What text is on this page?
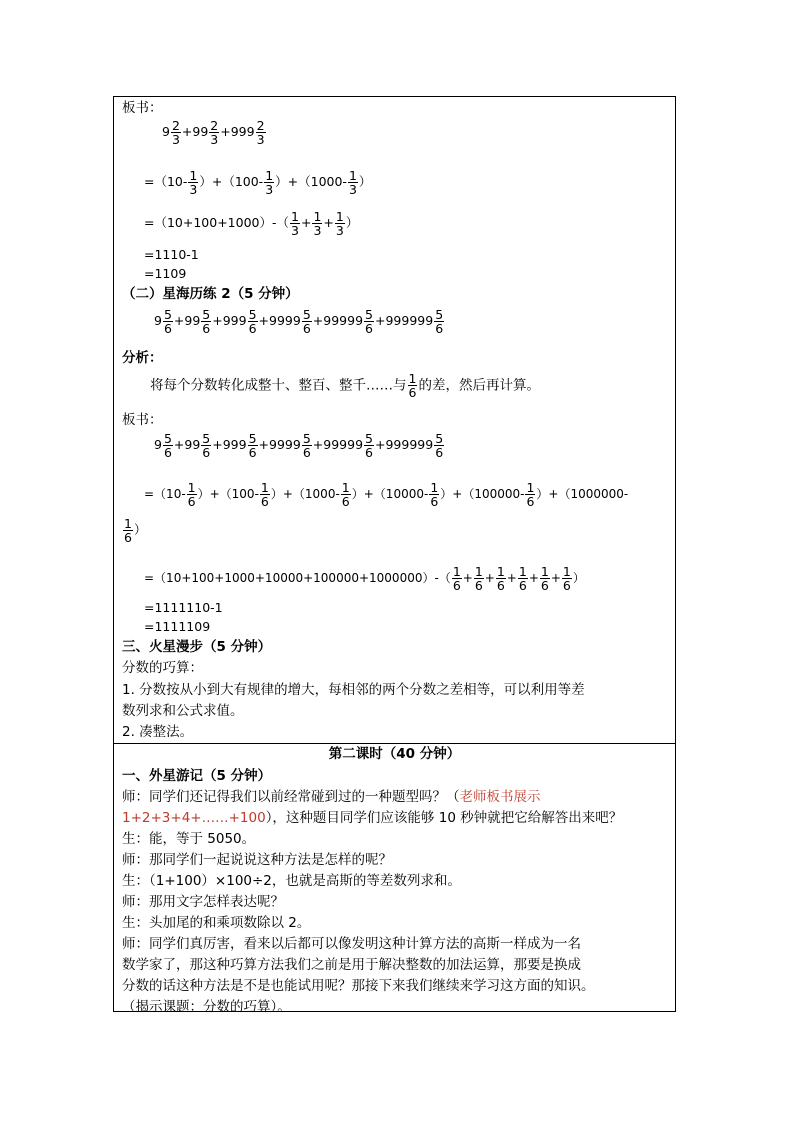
板书：
$9 \frac{2}{3} +99 \frac{2}{3} +999 \frac{2}{3}$
$=(10- \frac{1}{3} )+(100- \frac{1}{3} )+(1000- \frac{1}{3}$ ）
$=(10+100+1000)-( \frac{1}{3} + \frac{1}{3} + \frac{1}{3}$ ）
=1110-1
=1109
（二）星海历练 2（5 分钟）
$9 \frac{5}{6} +99 \frac{5}{6} +999 \frac{5}{6} +9999 \frac{5}{6} +99999 \frac{5}{6} +999999 \frac{5}{6}$
分析：
将每个分数转化成整十、整百、整千……与 $\frac{1}{6}$ 的差，然后再计算。
板书：
$9 \frac{5}{6} +99 \frac{5}{6} +999 \frac{5}{6} +9999 \frac{5}{6} +99999 \frac{5}{6} +999999 \frac{5}{6}$
$=(10- \frac{1}{6} )+(100- \frac{1}{6} )+(1000- \frac{1}{6} )+(10000- \frac{1}{6} )+(100000- \frac{1}{6} )+(1000000-$
$\frac{1}{6}$ ）
$=(10+100+1000+10000+100000+1000000)-( \frac{1}{6} + \frac{1}{6} + \frac{1}{6} + \frac{1}{6} + \frac{1}{6} + \frac{1}{6}$ ）
=1111110-1
=1111109
三、火星漫步（5 分钟）
分数的巧算：
1. 分数按从小到大有规律的增大，每相邻的两个分数之差相等，可以利用等差
数列求和公式求值。
2. 凑整法。
第二课时（40 分钟）
一、外星游记（5 分钟）
师：同学们还记得我们以前经常碰到过的一种题型吗？（老师板书展示
1+2+3+4+……+100），这种题目同学们应该能够 10 秒钟就把它给解答出来吧？
生：能，等于 5050。
师：那同学们一起说说这种方法是怎样的呢？
生：（1+100）×100÷2，也就是高斯的等差数列求和。
师：那用文字怎样表达呢？
生：头加尾的和乘项数除以 2。
师：同学们真厉害，看来以后都可以像发明这种计算方法的高斯一样成为一名
数学家了，那这种巧算方法我们之前是用于解决整数的加法运算，那要是换成
分数的话这种方法是不是也能试用呢？那接下来我们继续来学习这方面的知识。
（揭示课题：分数的巧算）。
